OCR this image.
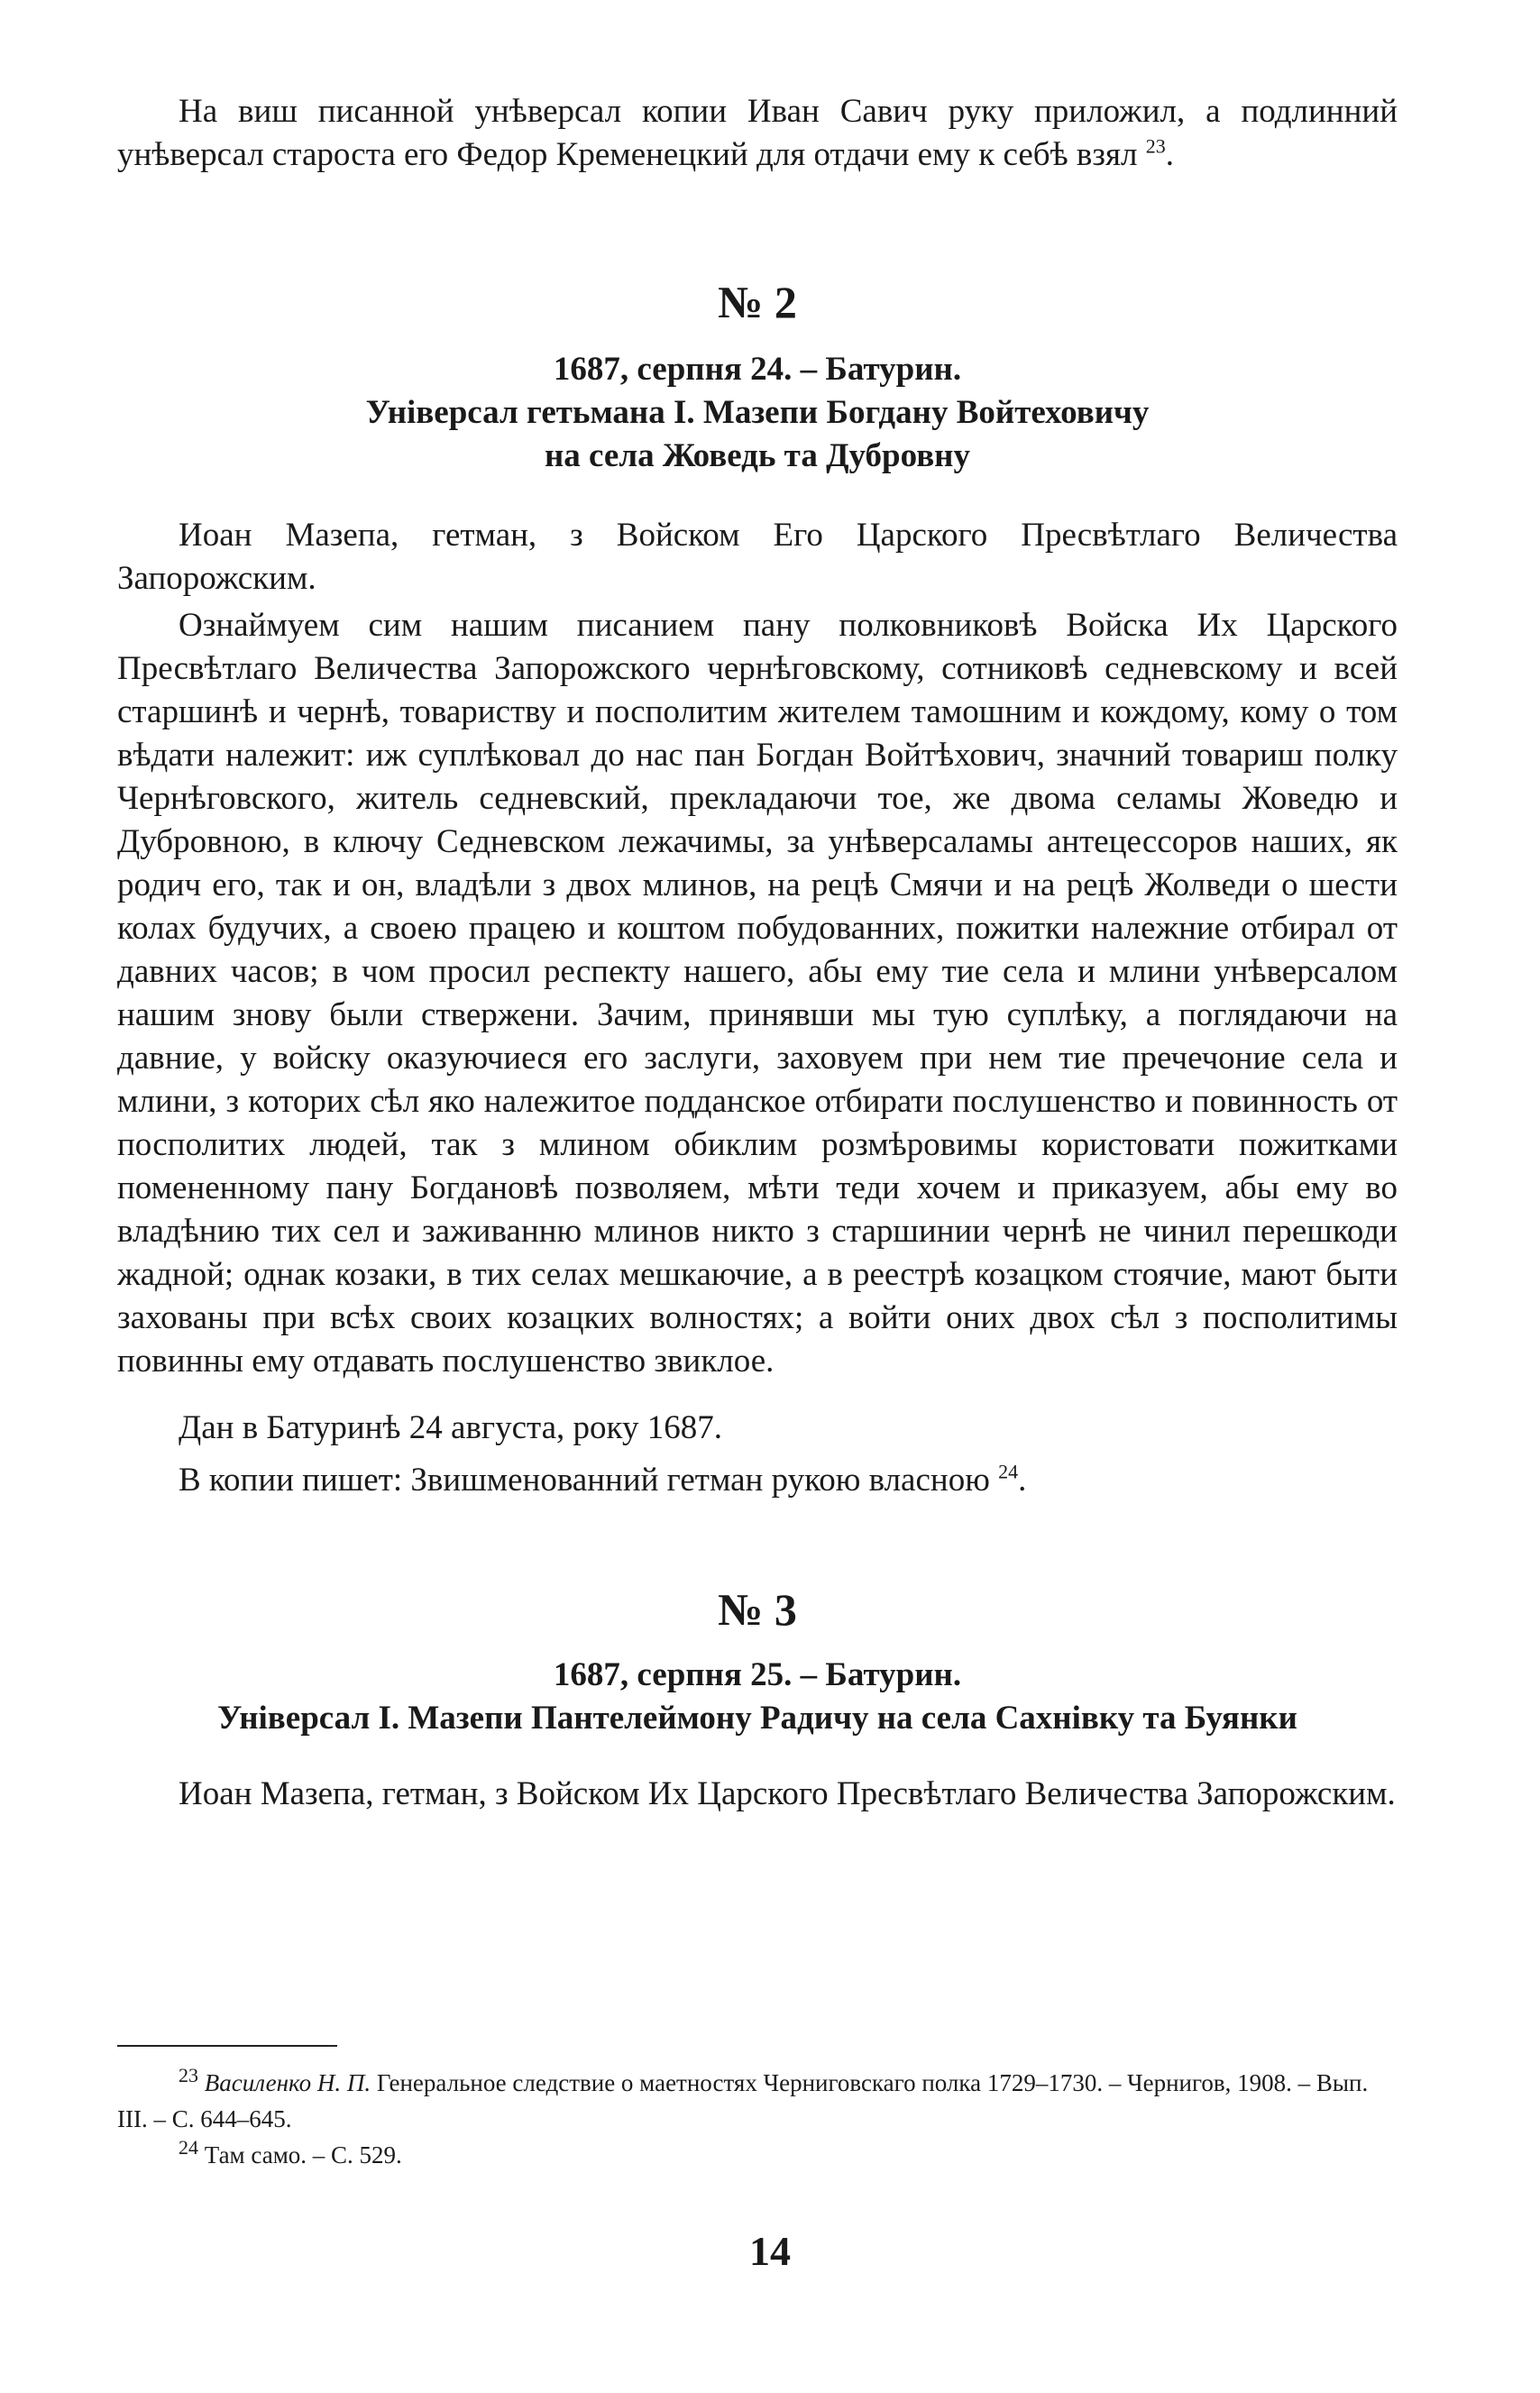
На виш писанной унѣверсал копии Иван Савич руку приложил, а подлинний унѣверсал староста его Федор Кременецкий для отдачи ему к себѣ взял $^{23}$.

№ 2

1687, серпня 24. – Батурин.

Універсал гетьмана І. Мазепи Богдану Войтеховичу

на села Жоведь та Дубровну

Иоан Мазепа, гетман, з Войском Его Царского Пресвѣтлаго Величества Запорожским.

Ознаймуем сим нашим писанием пану полковниковѣ Войска Их Царского Пресвѣтлаго Величества Запорожского чернѣговскому, сотниковѣ седневскому и всей старшинѣ и чернѣ, товариству и посполитим жителем тамошним и кождому, кому о том вѣдати належит: иж суплѣковал до нас пан Богдан Войтѣхович, значний товариш полку Чернѣговского, житель седневский, прекладаючи тое, же двома селамы Жоведю и Дубровною, в ключу Седневском лежачимы, за унѣверсаламы антецессоров наших, як родич его, так и он, владѣли з двох млинов, на рецѣ Смячи и на рецѣ Жолведи о шести колах будучих, а своею працею и коштом побудованних, пожитки належние отбирал от давних часов; в чом просил респекту нашего, абы ему тие села и млини унѣверсалом нашим знову были ствержени. Зачим, принявши мы тую суплѣку, а поглядаючи на давние, у войску оказуючиеся его заслуги, заховуем при нем тие пречечоние села и млини, з которих сѣл яко належитое подданское отбирати послушенство и повинность от посполитих людей, так з млином обиклим розмѣровимы користовати пожитками помененному пану Богдановѣ позволяем, мѣти теди хочем и приказуем, абы ему во владѣнию тих сел и заживанню млинов никто з старшинии чернѣ не чинил перешкоди жадной; однак козаки, в тих селах мешкаючие, а в реестрѣ козацком стоячие, мают быти захованы при всѣх своих козацких волностях; а войти оних двох сѣл з посполитимы повинны ему отдавать послушенство звиклое.

Дан в Батуринѣ 24 августа, року 1687.

В копии пишет: Звишменованний гетман рукою власною $^{24}$.

№ 3

1687, серпня 25. – Батурин.

Універсал І. Мазепи Пантелеймону Радичу на села Сахнівку та Буянки

Иоан Мазепа, гетман, з Войском Их Царского Пресвѣтлаго Величества Запорожским.

$^{23}$ Василенко Н. П. Генеральное следствие о маетностях Черниговскаго полка 1729–1730. – Чернигов, 1908. – Вып. III. – С. 644–645.

$^{24}$ Там само. – С. 529.

14
